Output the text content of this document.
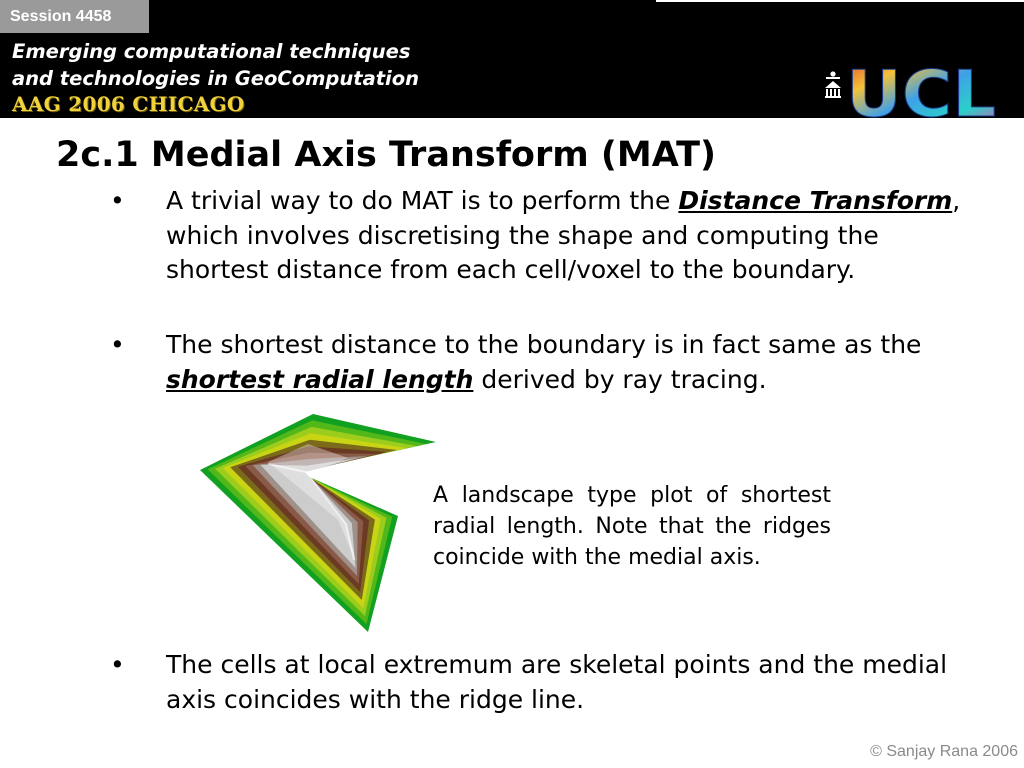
Session 4458
Emerging computational techniques
and technologies in GeoComputation
AAG 2006 CHICAGO	UCL
2c.1 Medial Axis Transform (MAT)
• A trivial way to do MAT is to perform the Distance Transform, which involves discretising the shape and computing the shortest distance from each cell/voxel to the boundary.
• The shortest distance to the boundary is in fact same as the shortest radial length derived by ray tracing.

A landscape type plot of shortest radial length. Note that the ridges coincide with the medial axis.

• The cells at local extremum are skeletal points and the medial axis coincides with the ridge line.
© Sanjay Rana 2006
